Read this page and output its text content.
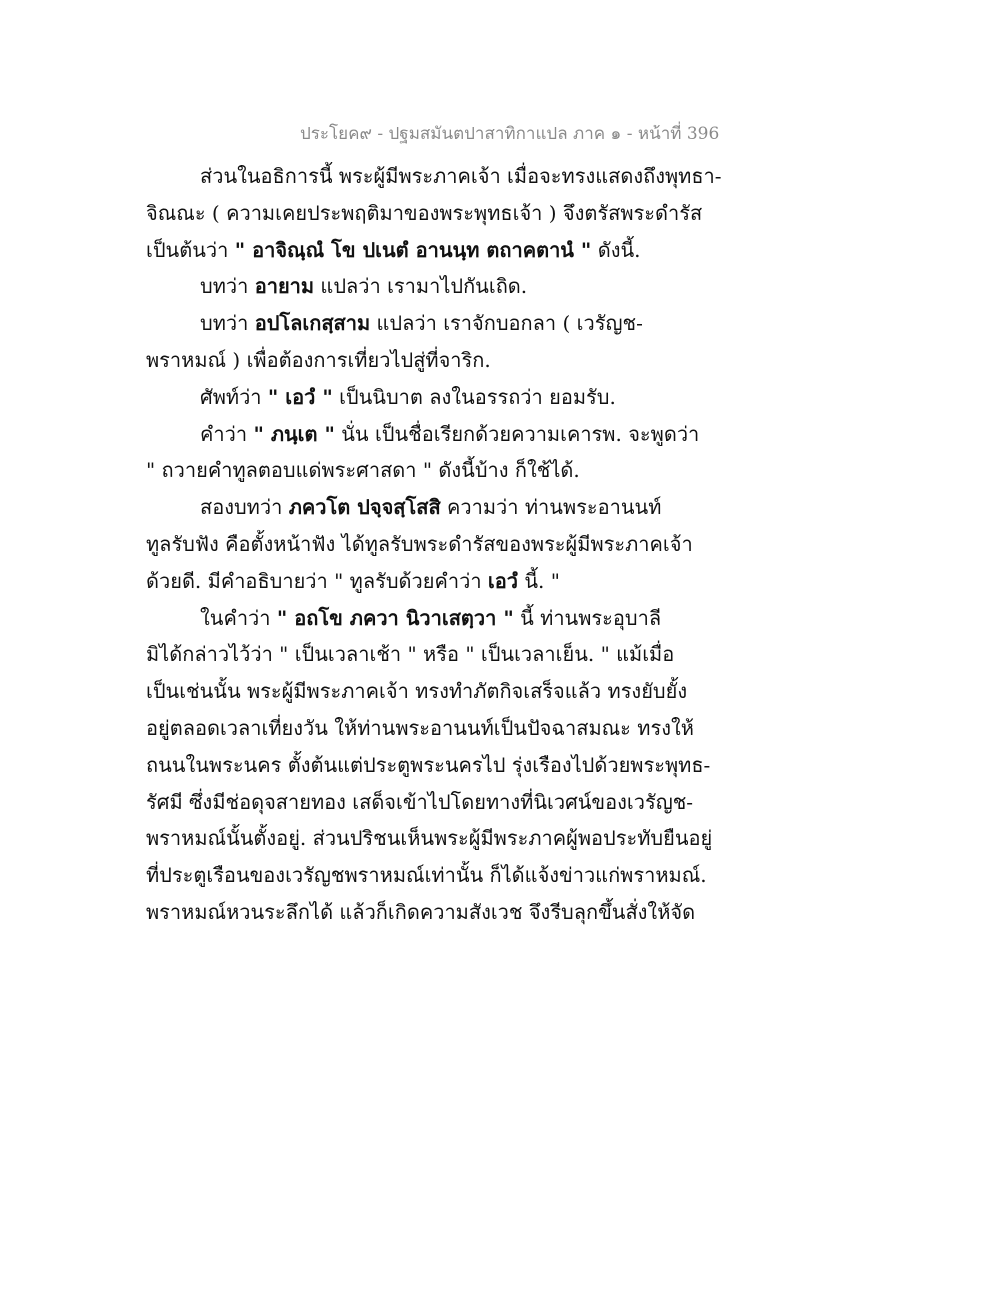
ประโยค๙ - ปฐมสมันตปาสาทิกาแปล ภาค ๑ - หน้าที่ 396
ส่วนในอธิการนี้ พระผู้มีพระภาคเจ้า เมื่อจะทรงแสดงถึงพุทธา-
จิณณะ ( ความเคยประพฤติมาของพระพุทธเจ้า ) จึงตรัสพระดำรัส
เป็นต้นว่า " อาจิณฺณํ โข ปเนตํ อานนฺท ตถาคตานํ " ดังนี้.
บทว่า อายาม แปลว่า เรามาไปกันเถิด.
บทว่า อปโลเกสฺสาม แปลว่า เราจักบอกลา ( เวรัญช-
พราหมณ์ ) เพื่อต้องการเที่ยวไปสู่ที่จาริก.
ศัพท์ว่า " เอวํ " เป็นนิบาต ลงในอรรถว่า ยอมรับ.
คำว่า " ภนฺเต " นั่น เป็นชื่อเรียกด้วยความเคารพ. จะพูดว่า
" ถวายคำทูลตอบแด่พระศาสดา " ดังนี้บ้าง ก็ใช้ได้.
สองบทว่า ภควโต ปจฺจสฺโสสิ ความว่า ท่านพระอานนท์
ทูลรับฟัง คือตั้งหน้าฟัง ได้ทูลรับพระดำรัสของพระผู้มีพระภาคเจ้า
ด้วยดี. มีคำอธิบายว่า " ทูลรับด้วยคำว่า เอวํ นี้. "
ในคำว่า " อถโข ภควา นิวาเสตฺวา " นี้ ท่านพระอุบาลี
มิได้กล่าวไว้ว่า " เป็นเวลาเช้า " หรือ " เป็นเวลาเย็น. " แม้เมื่อ
เป็นเช่นนั้น พระผู้มีพระภาคเจ้า ทรงทำภัตกิจเสร็จแล้ว ทรงยับยั้ง
อยู่ตลอดเวลาเที่ยงวัน ให้ท่านพระอานนท์เป็นปัจฉาสมณะ ทรงให้
ถนนในพระนคร ตั้งต้นแต่ประตูพระนครไป รุ่งเรืองไปด้วยพระพุทธ-
รัศมี ซึ่งมีช่อดุจสายทอง เสด็จเข้าไปโดยทางที่นิเวศน์ของเวรัญช-
พราหมณ์นั้นตั้งอยู่. ส่วนปริชนเห็นพระผู้มีพระภาคผู้พอประทับยืนอยู่
ที่ประตูเรือนของเวรัญชพราหมณ์เท่านั้น ก็ได้แจ้งข่าวแก่พราหมณ์.
พราหมณ์หวนระลึกได้ แล้วก็เกิดความสังเวช จึงรีบลุกขึ้นสั่งให้จัด
